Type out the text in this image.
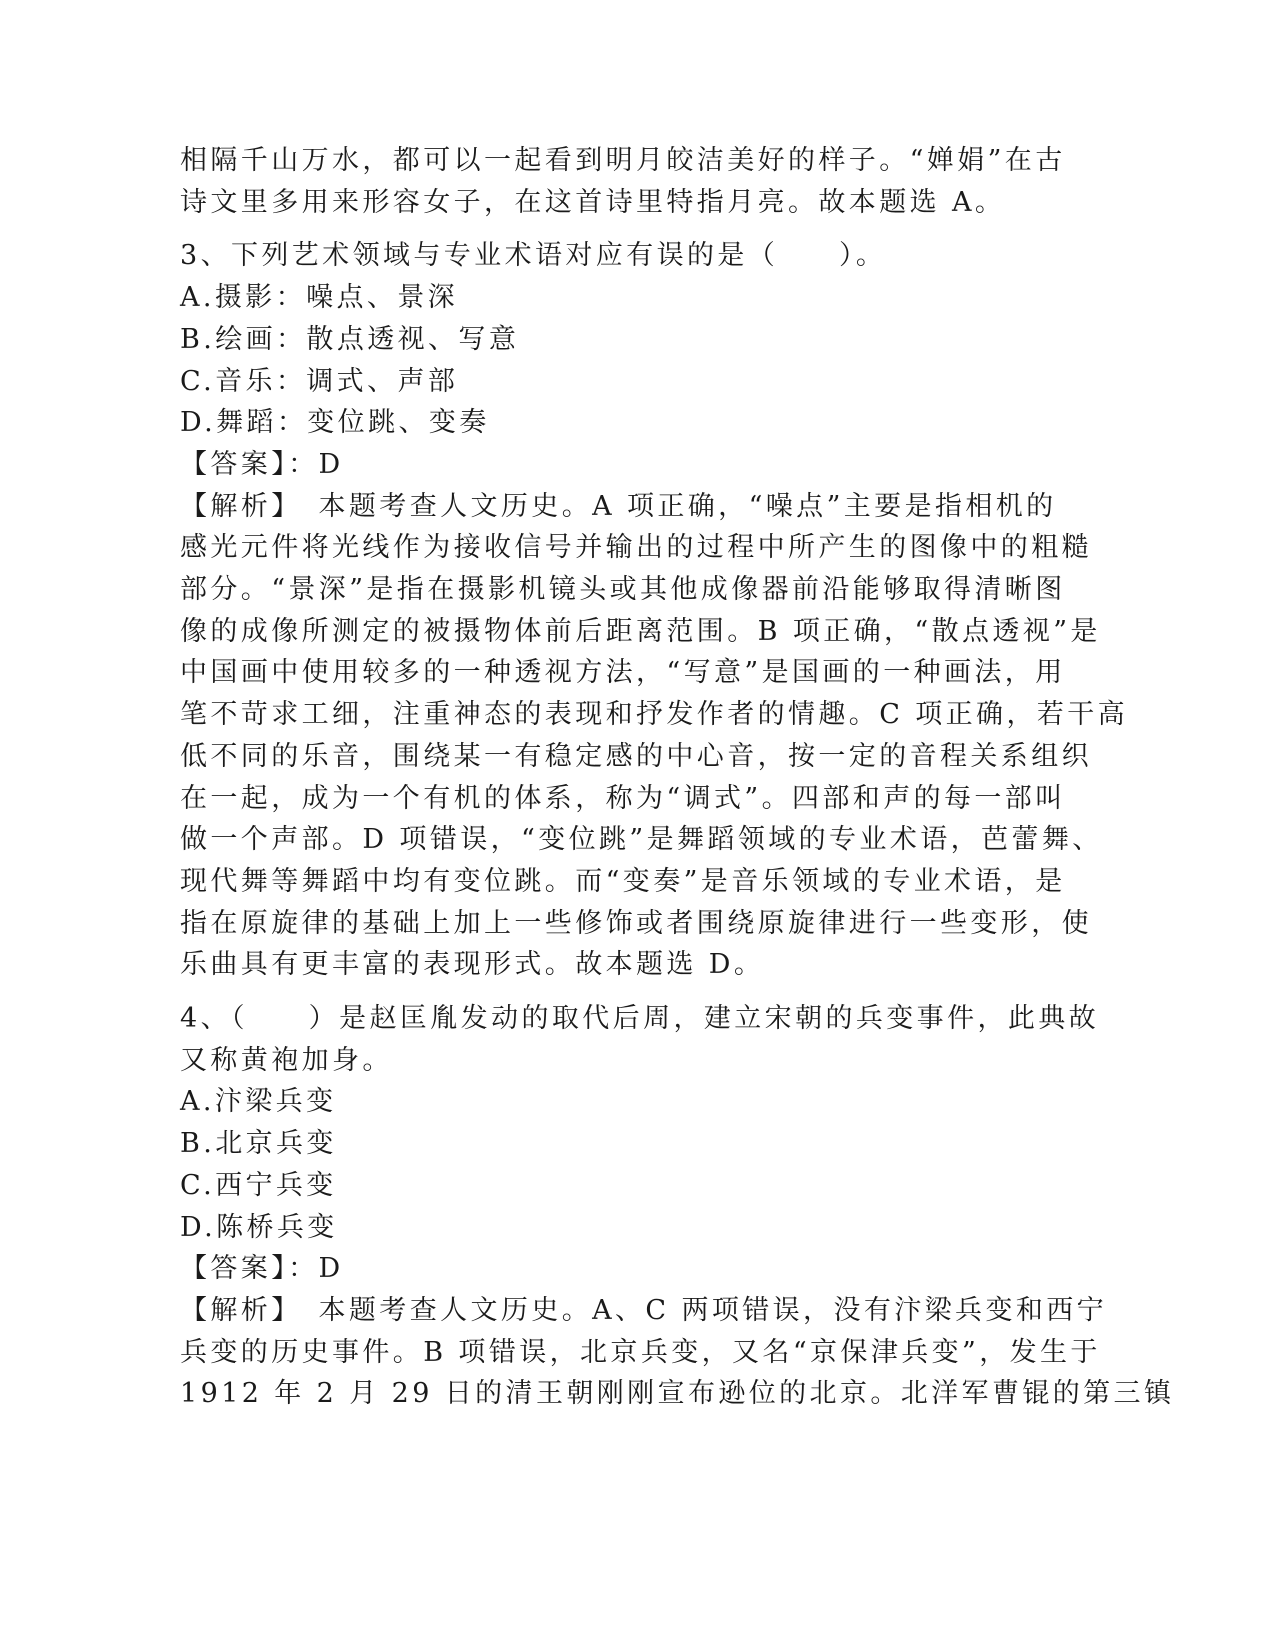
相隔千山万水，都可以一起看到明月皎洁美好的样子。“婵娟”在古
诗文里多用来形容女子，在这首诗里特指月亮。故本题选 A。
3、下列艺术领域与专业术语对应有误的是（　　）。
A.摄影：噪点、景深
B.绘画：散点透视、写意
C.音乐：调式、声部
D.舞蹈：变位跳、变奏
【答案】：D
【解析】　本题考查人文历史。A 项正确，“噪点”主要是指相机的
感光元件将光线作为接收信号并输出的过程中所产生的图像中的粗糙
部分。“景深”是指在摄影机镜头或其他成像器前沿能够取得清晰图
像的成像所测定的被摄物体前后距离范围。B 项正确，“散点透视”是
中国画中使用较多的一种透视方法，“写意”是国画的一种画法，用
笔不苛求工细，注重神态的表现和抒发作者的情趣。C 项正确，若干高
低不同的乐音，围绕某一有稳定感的中心音，按一定的音程关系组织
在一起，成为一个有机的体系，称为“调式”。四部和声的每一部叫
做一个声部。D 项错误，“变位跳”是舞蹈领域的专业术语，芭蕾舞、
现代舞等舞蹈中均有变位跳。而“变奏”是音乐领域的专业术语，是
指在原旋律的基础上加上一些修饰或者围绕原旋律进行一些变形，使
乐曲具有更丰富的表现形式。故本题选 D。
4、（　　）是赵匡胤发动的取代后周，建立宋朝的兵变事件，此典故
又称黄袍加身。
A.汴梁兵变
B.北京兵变
C.西宁兵变
D.陈桥兵变
【答案】：D
【解析】　本题考查人文历史。A、C 两项错误，没有汴梁兵变和西宁
兵变的历史事件。B 项错误，北京兵变，又名“京保津兵变”，发生于
1912 年 2 月 29 日的清王朝刚刚宣布逊位的北京。北洋军曹锟的第三镇
